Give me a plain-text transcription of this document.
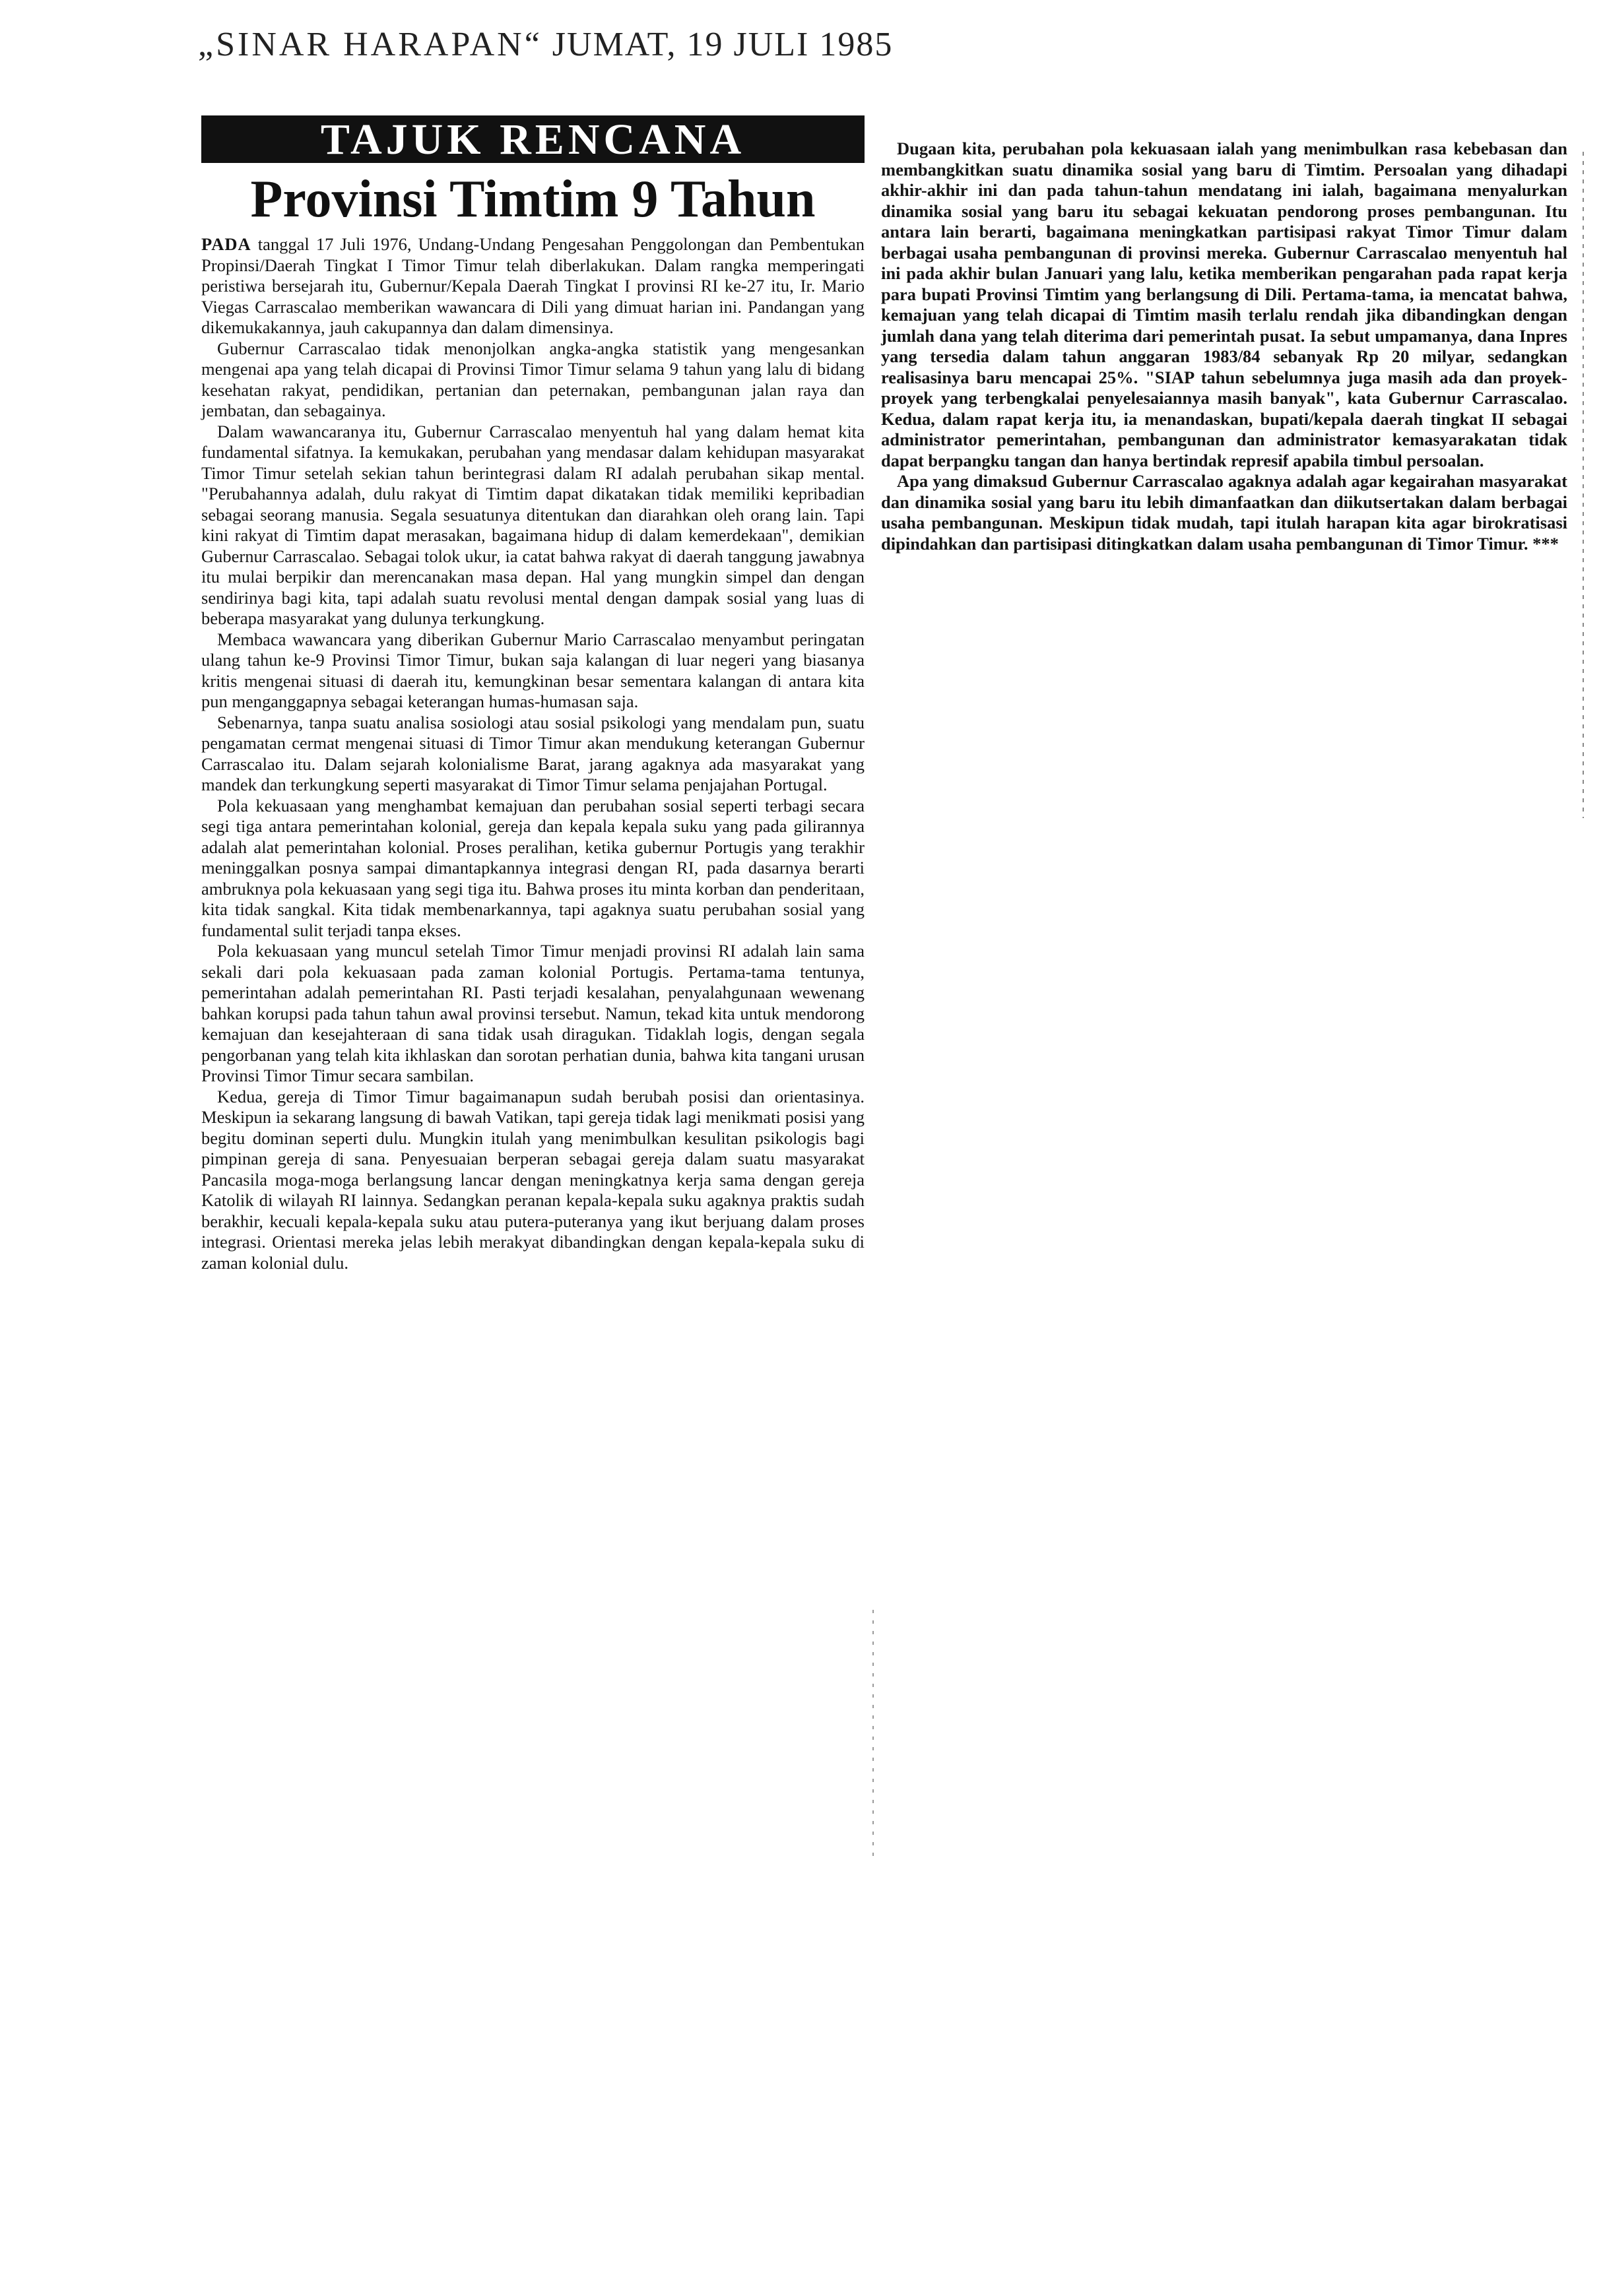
„SINAR HARAPAN“ JUMAT, 19 JULI 1985
TAJUK RENCANA
Provinsi Timtim 9 Tahun

PADA tanggal 17 Juli 1976, Undang-Undang Pengesahan Penggolongan dan Pembentukan Propinsi/Daerah Tingkat I Timor Timur telah diberlakukan. Dalam rangka memperingati peristiwa bersejarah itu, Gubernur/Kepala Daerah Tingkat I provinsi RI ke-27 itu, Ir. Mario Viegas Carrascalao memberikan wawancara di Dili yang dimuat harian ini. Pandangan yang dikemukakannya, jauh cakupannya dan dalam dimensinya.

Gubernur Carrascalao tidak menonjolkan angka-angka statistik yang mengesankan mengenai apa yang telah dicapai di Provinsi Timor Timur selama 9 tahun yang lalu di bidang kesehatan rakyat, pendidikan, pertanian dan peternakan, pembangunan jalan raya dan jembatan, dan sebagainya.

Dalam wawancaranya itu, Gubernur Carrascalao menyentuh hal yang dalam hemat kita fundamental sifatnya. Ia kemukakan, perubahan yang mendasar dalam kehidupan masyarakat Timor Timur setelah sekian tahun berintegrasi dalam RI adalah perubahan sikap mental. "Perubahannya adalah, dulu rakyat di Timtim dapat dikatakan tidak memiliki kepribadian sebagai seorang manusia. Segala sesuatunya ditentukan dan diarahkan oleh orang lain. Tapi kini rakyat di Timtim dapat merasakan, bagaimana hidup di dalam kemerdekaan", demikian Gubernur Carrascalao. Sebagai tolok ukur, ia catat bahwa rakyat di daerah tanggung jawabnya itu mulai berpikir dan merencanakan masa depan. Hal yang mungkin simpel dan dengan sendirinya bagi kita, tapi adalah suatu revolusi mental dengan dampak sosial yang luas di beberapa masyarakat yang dulunya terkungkung.

Membaca wawancara yang diberikan Gubernur Mario Carrascalao menyambut peringatan ulang tahun ke-9 Provinsi Timor Timur, bukan saja kalangan di luar negeri yang biasanya kritis mengenai situasi di daerah itu, kemungkinan besar sementara kalangan di antara kita pun menganggapnya sebagai keterangan humas-humasan saja.

Sebenarnya, tanpa suatu analisa sosiologi atau sosial psikologi yang mendalam pun, suatu pengamatan cermat mengenai situasi di Timor Timur akan mendukung keterangan Gubernur Carrascalao itu. Dalam sejarah kolonialisme Barat, jarang agaknya ada masyarakat yang mandek dan terkungkung seperti masyarakat di Timor Timur selama penjajahan Portugal.

Pola kekuasaan yang menghambat kemajuan dan perubahan sosial seperti terbagi secara segi tiga antara pemerintahan kolonial, gereja dan kepala kepala suku yang pada gilirannya adalah alat pemerintahan kolonial. Proses peralihan, ketika gubernur Portugis yang terakhir meninggalkan posnya sampai dimantapkannya integrasi dengan RI, pada dasarnya berarti ambruknya pola kekuasaan yang segi tiga itu. Bahwa proses itu minta korban dan penderitaan, kita tidak sangkal. Kita tidak membenarkannya, tapi agaknya suatu perubahan sosial yang fundamental sulit terjadi tanpa ekses.

Pola kekuasaan yang muncul setelah Timor Timur menjadi provinsi RI adalah lain sama sekali dari pola kekuasaan pada zaman kolonial Portugis. Pertama-tama tentunya, pemerintahan adalah pemerintahan RI. Pasti terjadi kesalahan, penyalahgunaan wewenang bahkan korupsi pada tahun tahun awal provinsi tersebut. Namun, tekad kita untuk mendorong kemajuan dan kesejahteraan di sana tidak usah diragukan. Tidaklah logis, dengan segala pengorbanan yang telah kita ikhlaskan dan sorotan perhatian dunia, bahwa kita tangani urusan Provinsi Timor Timur secara sambilan.

Kedua, gereja di Timor Timur bagaimanapun sudah berubah posisi dan orientasinya. Meskipun ia sekarang langsung di bawah Vatikan, tapi gereja tidak lagi menikmati posisi yang begitu dominan seperti dulu. Mungkin itulah yang menimbulkan kesulitan psikologis bagi pimpinan gereja di sana. Penyesuaian berperan sebagai gereja dalam suatu masyarakat Pancasila moga-moga berlangsung lancar dengan meningkatnya kerja sama dengan gereja Katolik di wilayah RI lainnya. Sedangkan peranan kepala-kepala suku agaknya praktis sudah berakhir, kecuali kepala-kepala suku atau putera-puteranya yang ikut berjuang dalam proses integrasi. Orientasi mereka jelas lebih merakyat dibandingkan dengan kepala-kepala suku di zaman kolonial dulu.

Dugaan kita, perubahan pola kekuasaan ialah yang menimbulkan rasa kebebasan dan membangkitkan suatu dinamika sosial yang baru di Timtim. Persoalan yang dihadapi akhir-akhir ini dan pada tahun-tahun mendatang ini ialah, bagaimana menyalurkan dinamika sosial yang baru itu sebagai kekuatan pendorong proses pembangunan. Itu antara lain berarti, bagaimana meningkatkan partisipasi rakyat Timor Timur dalam berbagai usaha pembangunan di provinsi mereka. Gubernur Carrascalao menyentuh hal ini pada akhir bulan Januari yang lalu, ketika memberikan pengarahan pada rapat kerja para bupati Provinsi Timtim yang berlangsung di Dili. Pertama-tama, ia mencatat bahwa, kemajuan yang telah dicapai di Timtim masih terlalu rendah jika dibandingkan dengan jumlah dana yang telah diterima dari pemerintah pusat. Ia sebut umpamanya, dana Inpres yang tersedia dalam tahun anggaran 1983/84 sebanyak Rp 20 milyar, sedangkan realisasinya baru mencapai 25%. "SIAP tahun sebelumnya juga masih ada dan proyek-proyek yang terbengkalai penyelesaiannya masih banyak", kata Gubernur Carrascalao. Kedua, dalam rapat kerja itu, ia menandaskan, bupati/kepala daerah tingkat II sebagai administrator pemerintahan, pembangunan dan administrator kemasyarakatan tidak dapat berpangku tangan dan hanya bertindak represif apabila timbul persoalan.

Apa yang dimaksud Gubernur Carrascalao agaknya adalah agar kegairahan masyarakat dan dinamika sosial yang baru itu lebih dimanfaatkan dan diikutsertakan dalam berbagai usaha pembangunan. Meskipun tidak mudah, tapi itulah harapan kita agar birokratisasi dipindahkan dan partisipasi ditingkatkan dalam usaha pembangunan di Timor Timur. ***
